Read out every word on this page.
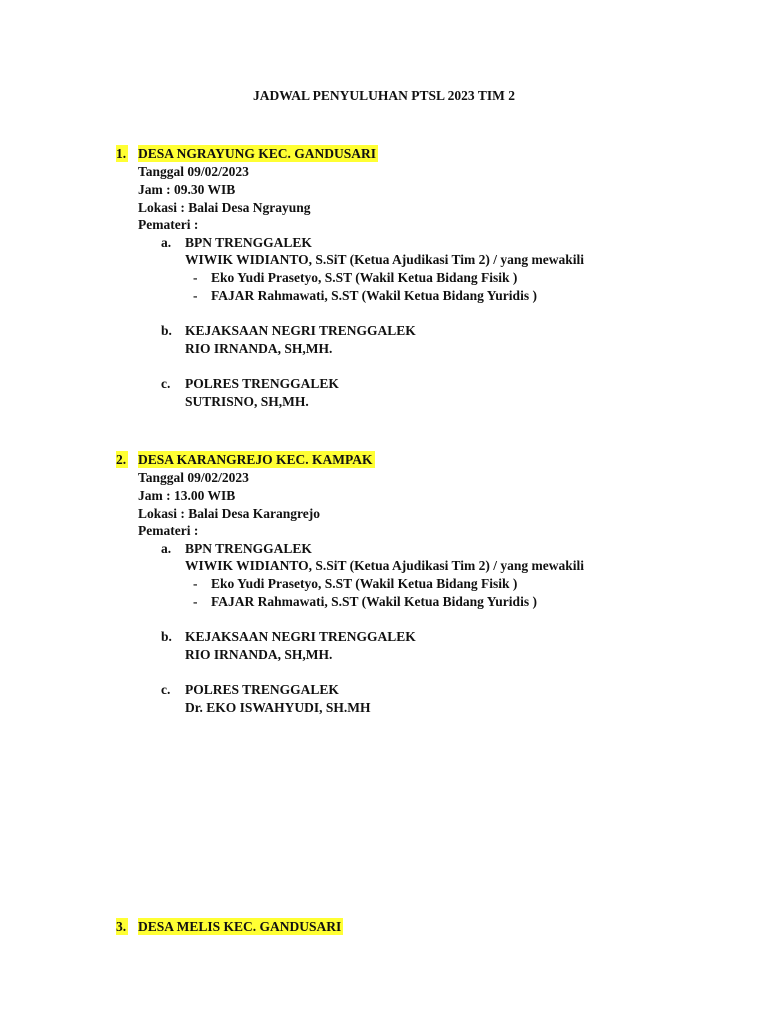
JADWAL PENYULUHAN PTSL 2023 TIM 2
1. DESA NGRAYUNG KEC. GANDUSARI
Tanggal 09/02/2023
Jam : 09.30 WIB
Lokasi : Balai Desa Ngrayung
Pemateri :
a. BPN TRENGGALEK
WIWIK WIDIANTO, S.SiT (Ketua Ajudikasi Tim 2) / yang mewakili
- Eko Yudi Prasetyo, S.ST (Wakil Ketua Bidang Fisik )
- FAJAR Rahmawati, S.ST (Wakil Ketua Bidang Yuridis )
b. KEJAKSAAN NEGRI TRENGGALEK
RIO IRNANDA, SH,MH.
c. POLRES TRENGGALEK
SUTRISNO, SH,MH.
2. DESA KARANGREJO KEC. KAMPAK
Tanggal 09/02/2023
Jam : 13.00 WIB
Lokasi : Balai Desa Karangrejo
Pemateri :
a. BPN TRENGGALEK
WIWIK WIDIANTO, S.SiT (Ketua Ajudikasi Tim 2) / yang mewakili
- Eko Yudi Prasetyo, S.ST (Wakil Ketua Bidang Fisik )
- FAJAR Rahmawati, S.ST (Wakil Ketua Bidang Yuridis )
b. KEJAKSAAN NEGRI TRENGGALEK
RIO IRNANDA, SH,MH.
c. POLRES TRENGGALEK
Dr. EKO ISWAHYUDI, SH.MH
3. DESA MELIS KEC. GANDUSARI
